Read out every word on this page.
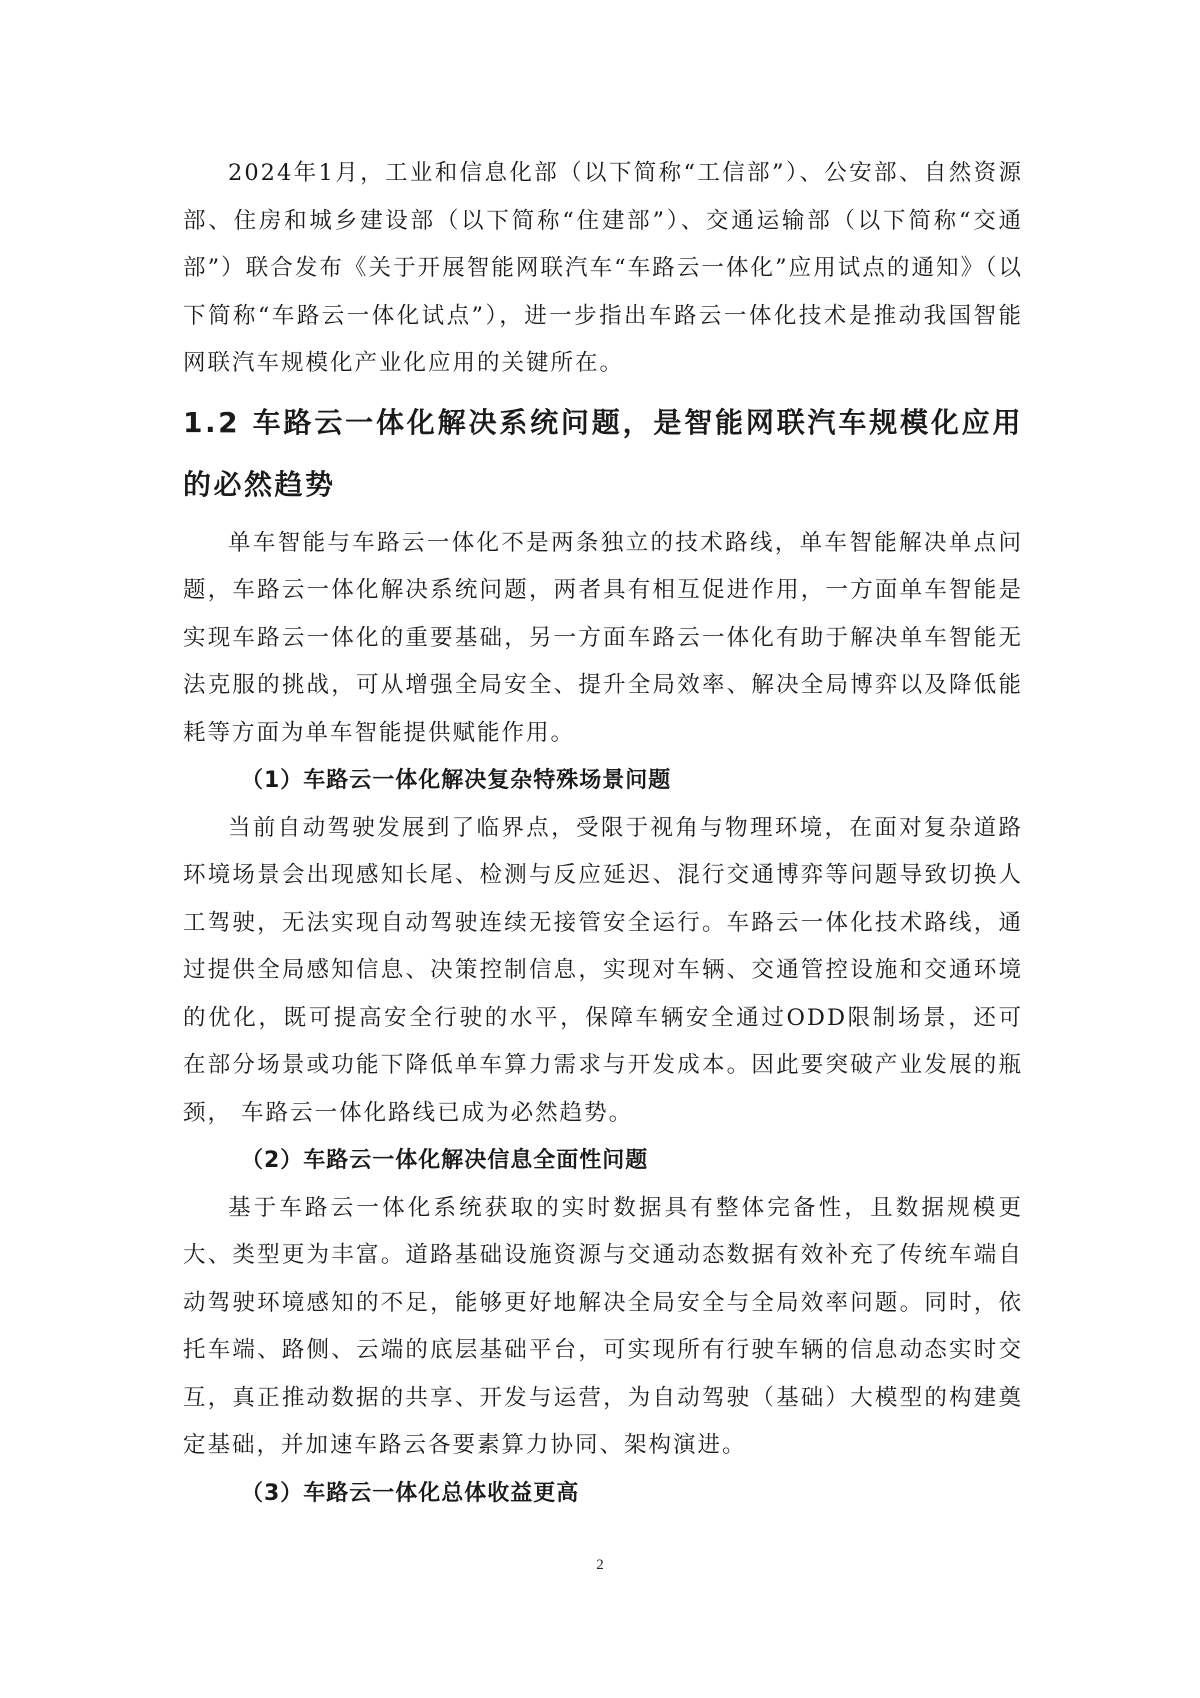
2024年1月，工业和信息化部（以下简称“工信部”）、公安部、自然资源部、住房和城乡建设部（以下简称“住建部”）、交通运输部（以下简称“交通部”）联合发布《关于开展智能网联汽车“车路云一体化”应用试点的通知》（以下简称“车路云一体化试点”），进一步指出车路云一体化技术是推动我国智能网联汽车规模化产业化应用的关键所在。

1.2 车路云一体化解决系统问题，是智能网联汽车规模化应用的必然趋势

单车智能与车路云一体化不是两条独立的技术路线，单车智能解决单点问题，车路云一体化解决系统问题，两者具有相互促进作用，一方面单车智能是实现车路云一体化的重要基础，另一方面车路云一体化有助于解决单车智能无法克服的挑战，可从增强全局安全、提升全局效率、解决全局博弈以及降低能耗等方面为单车智能提供赋能作用。

（1）车路云一体化解决复杂特殊场景问题

当前自动驾驶发展到了临界点，受限于视角与物理环境，在面对复杂道路环境场景会出现感知长尾、检测与反应延迟、混行交通博弈等问题导致切换人工驾驶，无法实现自动驾驶连续无接管安全运行。车路云一体化技术路线，通过提供全局感知信息、决策控制信息，实现对车辆、交通管控设施和交通环境的优化，既可提高安全行驶的水平，保障车辆安全通过ODD限制场景，还可在部分场景或功能下降低单车算力需求与开发成本。因此要突破产业发展的瓶颈， 车路云一体化路线已成为必然趋势。

（2）车路云一体化解决信息全面性问题

基于车路云一体化系统获取的实时数据具有整体完备性，且数据规模更大、类型更为丰富。道路基础设施资源与交通动态数据有效补充了传统车端自动驾驶环境感知的不足，能够更好地解决全局安全与全局效率问题。同时，依托车端、路侧、云端的底层基础平台，可实现所有行驶车辆的信息动态实时交互，真正推动数据的共享、开发与运营，为自动驾驶（基础）大模型的构建奠定基础，并加速车路云各要素算力协同、架构演进。

（3）车路云一体化总体收益更高
2
